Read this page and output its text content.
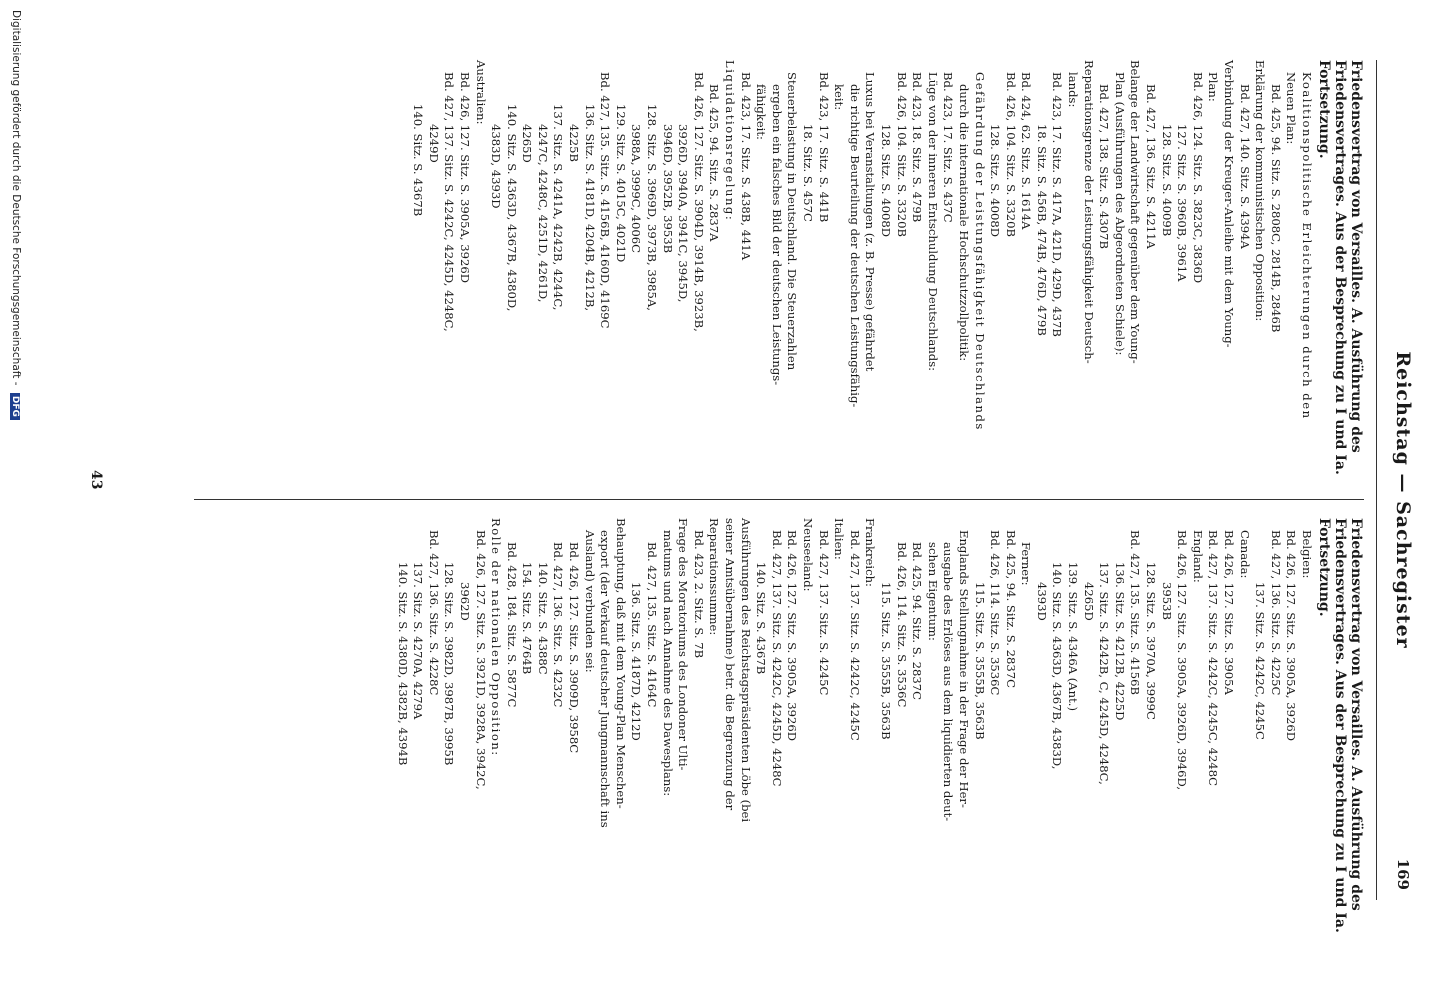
Reichstag — Sachregister
169
Friedensvertrag von Versailles. A. Ausführung des Friedensvertrages. Aus der Besprechung zu I und Ia. Fortsetzung.
Koalitionspolitische Erleichterungen durch den
Neuen Plan:
Bd. 425, 94. Sitz. S. 2808C, 2814B, 2846B
Erklärung der kommunistischen Opposition:
Bd. 427, 140. Sitz. S. 4394A
Verbindung der Kreuger-Anleihe mit dem Young-
Plan:
Bd. 426, 124. Sitz. S. 3823C, 3836D
127. Sitz. S. 3960B, 3961A
128. Sitz. S. 4009B
Bd. 427, 136. Sitz. S. 4211A
Belange der Landwirtschaft gegenüber dem Young-
Plan (Ausführungen des Abgeordneten Schiele):
Bd. 427, 138. Sitz. S. 4307B
Reparationsgrenze der Leistungsfähigkeit Deutsch-
lands:
Bd. 423, 17. Sitz. S. 417A, 421D, 429D, 437B
18. Sitz. S. 456B, 474B, 476D, 479B
Bd. 424, 62. Sitz. S. 1614A
Bd. 426, 104. Sitz. S. 3320B
128. Sitz. S. 4008D
Gefährdung der Leistungsfähigkeit Deutschlands
durch die internationale Hochschutzzollpolitik:
Bd. 423, 17. Sitz. S. 437C
Lüge von der inneren Entschuldung Deutschlands:
Bd. 423, 18. Sitz. S. 479B
Bd. 426, 104. Sitz. S. 3320B
128. Sitz. S. 4008D
Luxus bei Veranstaltungen (z. B. Presse) gefährdet
die richtige Beurteilung der deutschen Leistungsfähig-
keit:
Bd. 423, 17. Sitz. S. 441B
18. Sitz. S. 457C
Steuerbelastung in Deutschland. Die Steuerzahlen
ergeben ein falsches Bild der deutschen Leistungs-
fähigkeit:
Bd. 423, 17. Sitz. S. 438B, 441A
Liquidationsregelung:
Bd. 425, 94. Sitz. S. 2837A
Bd. 426, 127. Sitz. S. 3904D, 3914B, 3923B,
3926D, 3940A, 3941C, 3945D,
3946D, 3952B, 3953B
128. Sitz. S. 3969D, 3973B, 3985A,
3988A, 3999C, 4006C
129. Sitz. S. 4015C, 4021D
Bd. 427, 135. Sitz. S. 4156B, 4160D, 4169C
136. Sitz. S. 4181D, 4204B, 4212B,
4225B
137. Sitz. S. 4241A, 4242B, 4244C,
4247C, 4248C, 4251D, 4261D,
4265D
140. Sitz. S. 4363D, 4367B, 4380D,
4383D, 4393D
Australien:
Bd. 426, 127. Sitz. S. 3905A, 3926D
Bd. 427, 137. Sitz. S. 4242C, 4245D, 4248C,
4249D
140. Sitz. S. 4367B
Friedensvertrag von Versailles. A. Ausführung des Friedensvertrages. Aus der Besprechung zu I und Ia. Fortsetzung.
Belgien:
Bd. 426, 127. Sitz. S. 3905A, 3926D
Bd. 427, 136. Sitz. S. 4225C
137. Sitz. S. 4242C, 4245C
Canada:
Bd. 426, 127. Sitz. S. 3905A
Bd. 427, 137. Sitz. S. 4242C, 4245C, 4248C
England:
Bd. 426, 127. Sitz. S. 3905A, 3926D, 3946D,
3953B
128. Sitz. S. 3970A, 3999C
Bd. 427, 135. Sitz. S. 4156B
136. Sitz. S. 4212B, 4225D
137. Sitz. S. 4242B, C, 4245D, 4248C,
4265D
139. Sitz. S. 4346A (Ant.)
140. Sitz. S. 4363D, 4367B, 4383D,
4393D
Ferner:
Bd. 425, 94. Sitz. S. 2837C
Bd. 426, 114. Sitz. S. 3536C
115. Sitz. S. 3555B, 3563B
Englands Stellungnahme in der Frage der Her-
ausgabe des Erlöses aus dem liquidierten deut-
schen Eigentum:
Bd. 425, 94. Sitz. S. 2837C
Bd. 426, 114. Sitz. S. 3536C
115. Sitz. S. 3555B, 3563B
Frankreich:
Bd. 427, 137. Sitz. S. 4242C, 4245C
Italien:
Bd. 427, 137. Sitz. S. 4245C
Neuseeland:
Bd. 426, 127. Sitz. S. 3905A, 3926D
Bd. 427, 137. Sitz. S. 4242C, 4245D, 4248C
140. Sitz. S. 4367B
Ausführungen des Reichstagspräsidenten Löbe (bei
seiner Amtsübernahme) betr. die Begrenzung der
Reparationssumme:
Bd. 423, 2. Sitz. S. 7B
Frage des Moratoriums des Londoner Ulti-
matums und nach Annahme des Dawesplans:
Bd. 427, 135. Sitz. S. 4164C
136. Sitz. S. 4187D, 4212D
Behauptung, daß mit dem Young-Plan Menschen-
export (der Verkauf deutscher Jungmannschaft ins
Ausland) verbunden sei:
Bd. 426, 127. Sitz. S. 3909D, 3958C
Bd. 427, 136. Sitz. S. 4232C
140. Sitz. S. 4388C
154. Sitz. S. 4764B
Bd. 428, 184. Sitz. S. 5877C
Rolle der nationalen Opposition:
Bd. 426, 127. Sitz. S. 3921D, 3928A, 3942C,
3962D
128. Sitz. S. 3982D, 3987B, 3995B
Bd. 427, 136. Sitz. S. 4228C
137. Sitz. S. 4270A, 4279A
140. Sitz. S. 4380D, 4382B, 4394B
43
Digitalisierung gefördert durch die Deutsche Forschungsgemeinschaft - DFG
